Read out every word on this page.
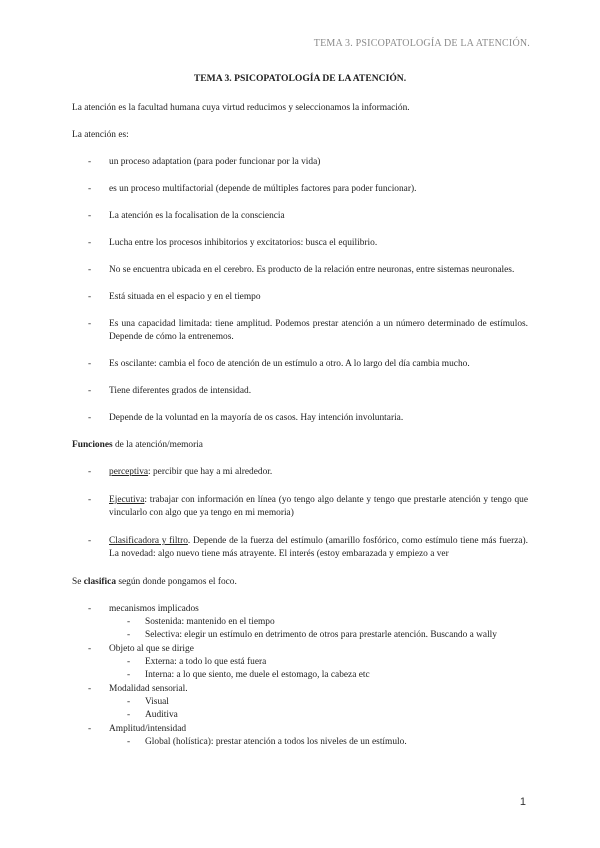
TEMA 3. PSICOPATOLOGÍA DE LA ATENCIÓN.
TEMA 3. PSICOPATOLOGÍA DE LA ATENCIÓN.

La atención es la facultad humana cuya virtud reducimos y seleccionamos la información.

La atención es:

- un proceso adaptation (para poder funcionar por la vida)
- es un proceso multifactorial (depende de múltiples factores para poder funcionar).
- La atención es la focalisation de la consciencia
- Lucha entre los procesos inhibitorios y excitatorios: busca el equilibrio.
- No se encuentra ubicada en el cerebro. Es producto de la relación entre neuronas, entre sistemas neuronales.
- Está situada en el espacio y en el tiempo
- Es una capacidad limitada: tiene amplitud. Podemos prestar atención a un número determinado de estímulos. Depende de cómo la entrenemos.
- Es oscilante: cambia el foco de atención de un estímulo a otro. A lo largo del día cambia mucho.
- Tiene diferentes grados de intensidad.
- Depende de la voluntad en la mayoría de os casos. Hay intención involuntaria.

Funciones de la atención/memoria

- perceptiva: percibir que hay a mi alrededor.
- Ejecutiva: trabajar con información en línea (yo tengo algo delante y tengo que prestarle atención y tengo que vincularlo con algo que ya tengo en mi memoria)
- Clasificadora y filtro. Depende de la fuerza del estímulo (amarillo fosfórico, como estímulo tiene más fuerza). La novedad: algo nuevo tiene más atrayente. El interés (estoy embarazada y empiezo a ver

Se clasifica según donde pongamos el foco.

- mecanismos implicados
- Sostenida: mantenido en el tiempo
- Selectiva: elegir un estímulo en detrimento de otros para prestarle atención. Buscando a wally
- Objeto al que se dirige
- Externa: a todo lo que está fuera
- Interna: a lo que siento, me duele el estomago, la cabeza etc
- Modalidad sensorial.
- Visual
- Auditiva
- Amplitud/intensidad
- Global (holística): prestar atención a todos los niveles de un estímulo.
1
